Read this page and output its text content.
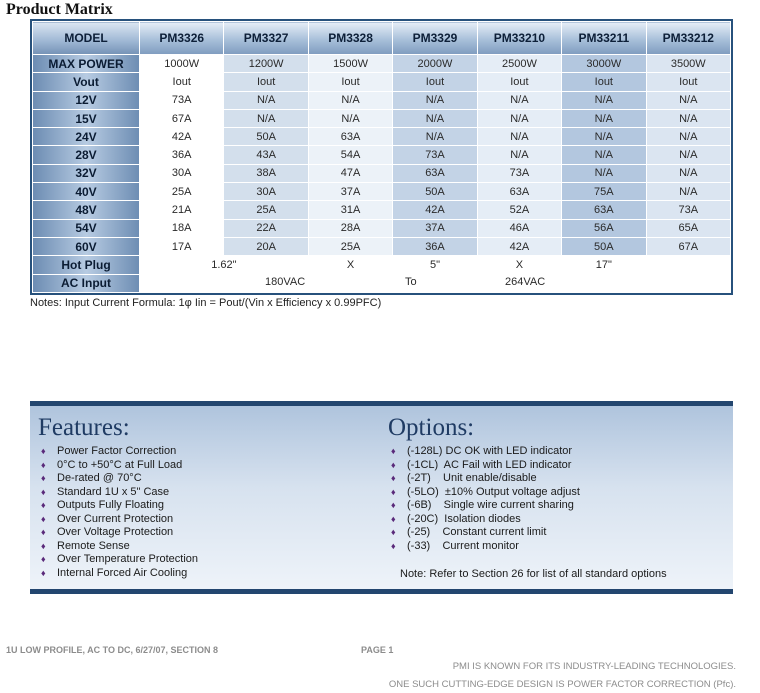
Product Matrix
MODEL	PM3326	PM3327	PM3328	PM3329	PM33210	PM33211	PM33212
MAX POWER	1000W	1200W	1500W	2000W	2500W	3000W	3500W
Vout	Iout	Iout	Iout	Iout	Iout	Iout	Iout
12V	73A	N/A	N/A	N/A	N/A	N/A	N/A
15V	67A	N/A	N/A	N/A	N/A	N/A	N/A
24V	42A	50A	63A	N/A	N/A	N/A	N/A
28V	36A	43A	54A	73A	N/A	N/A	N/A
32V	30A	38A	47A	63A	73A	N/A	N/A
40V	25A	30A	37A	50A	63A	75A	N/A
48V	21A	25A	31A	42A	52A	63A	73A
54V	18A	22A	28A	37A	46A	56A	65A
60V	17A	20A	25A	36A	42A	50A	67A
Hot Plug	1.62"		X	5"	X	17"	
AC Input	180VAC To 264VAC						
Notes: Input Current Formula: 1φ Iin = Pout/(Vin x Efficiency x 0.99PFC)
Features:
♦ Power Factor Correction
♦ 0°C to +50°C at Full Load
♦ De-rated @ 70°C
♦ Standard 1U x 5" Case
♦ Outputs Fully Floating
♦ Over Current Protection
♦ Over Voltage Protection
♦ Remote Sense
♦ Over Temperature Protection
♦ Internal Forced Air Cooling
Options:
♦ (-128L) DC OK with LED indicator
♦ (-1CL)  AC Fail with LED indicator
♦ (-2T)    Unit enable/disable
♦ (-5LO)  ±10% Output voltage adjust
♦ (-6B)    Single wire current sharing
♦ (-20C)  Isolation diodes
♦ (-25)    Constant current limit
♦ (-33)    Current monitor
Note: Refer to Section 26 for list of all standard options
1U LOW PROFILE, AC TO DC, 6/27/07, SECTION 8	PAGE 1
PMI IS KNOWN FOR ITS INDUSTRY-LEADING TECHNOLOGIES.
ONE SUCH CUTTING-EDGE DESIGN IS POWER FACTOR CORRECTION (Pfc).
